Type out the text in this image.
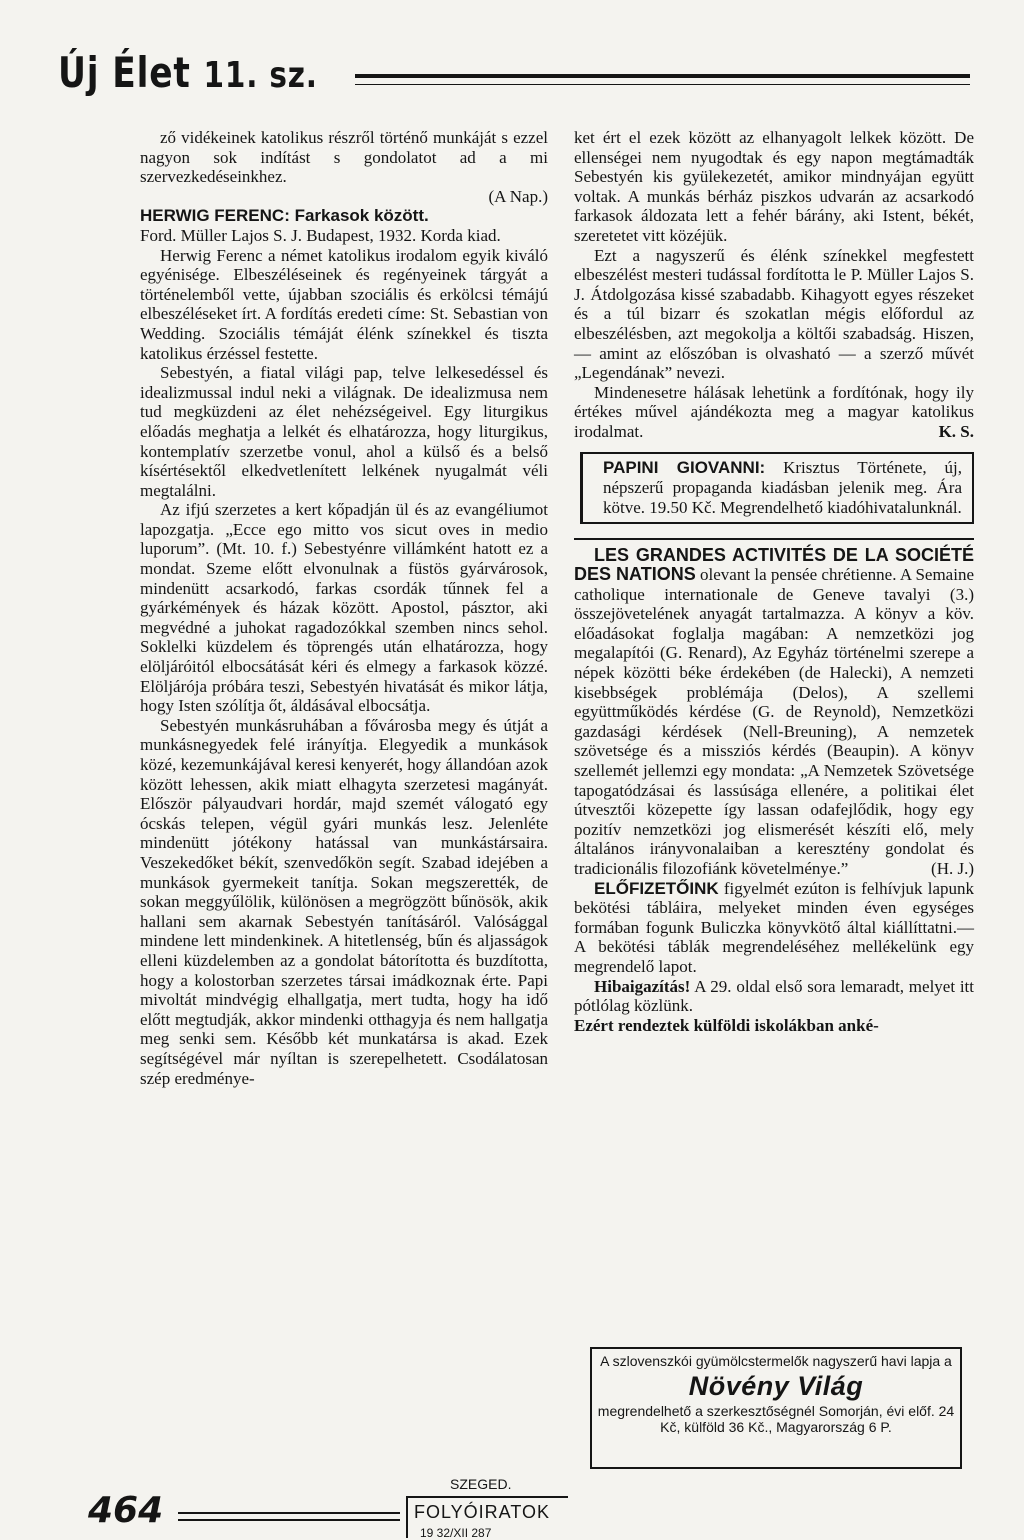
Új Élet 11. sz.

ző vidékeinek katolikus részről történő munkáját s ezzel nagyon sok indítást s gondolatot ad a mi szervezkedéseinkhez.

(A Nap.)

HERWIG FERENC: Farkasok között.

Ford. Müller Lajos S. J. Budapest, 1932. Korda kiad.

Herwig Ferenc a német katolikus irodalom egyik kiváló egyénisége. Elbeszéléseinek és regényeinek tárgyát a történelemből vette, újabban szociális és erkölcsi témájú elbeszéléseket írt. A fordítás eredeti címe: St. Sebastian von Wedding. Szociális témáját élénk színekkel és tiszta katolikus érzéssel festette.

Sebestyén, a fiatal világi pap, telve lelkesedéssel és idealizmussal indul neki a világnak. De idealizmusa nem tud megküzdeni az élet nehézségeivel. Egy liturgikus előadás meghatja a lelkét és elhatározza, hogy liturgikus, kontemplatív szerzetbe vonul, ahol a külső és a belső kísértésektől elkedvetlenített lelkének nyugalmát véli megtalálni.

Az ifjú szerzetes a kert kőpadján ül és az evangéliumot lapozgatja. „Ecce ego mitto vos sicut oves in medio luporum”. (Mt. 10. f.) Sebestyénre villámként hatott ez a mondat. Szeme előtt elvonulnak a füstös gyárvárosok, mindenütt acsarkodó, farkas csordák tűnnek fel a gyárkémények és házak között. Apostol, pásztor, aki megvédné a juhokat ragadozókkal szemben nincs sehol. Soklelki küzdelem és töprengés után elhatározza, hogy elöljáróitól elbocsátását kéri és elmegy a farkasok közzé. Elöljárója próbára teszi, Sebestyén hivatását és mikor látja, hogy Isten szólítja őt, áldásával elbocsátja.

Sebestyén munkásruhában a fővárosba megy és útját a munkásnegyedek felé irányítja. Elegyedik a munkások közé, kezemunkájával keresi kenyerét, hogy állandóan azok között lehessen, akik miatt elhagyta szerzetesi magányát. Először pályaudvari hordár, majd szemét válogató egy ócskás telepen, végül gyári munkás lesz. Jelenléte mindenütt jótékony hatással van munkástársaira. Veszekedőket békít, szenvedőkön segít. Szabad idejében a munkások gyermekeit tanítja. Sokan megszerették, de sokan meggyűlölik, különösen a megrögzött bűnösök, akik hallani sem akarnak Sebestyén tanításáról. Valósággal mindene lett mindenkinek. A hitetlenség, bűn és aljasságok elleni küzdelemben az a gondolat bátorította és buzdította, hogy a kolostorban szerzetes társai imádkoznak érte. Papi mivoltát mindvégig elhallgatja, mert tudta, hogy ha idő előtt megtudják, akkor mindenki otthagyja és nem hallgatja meg senki sem. Később két munkatársa is akad. Ezek segítségével már nyíltan is szerepelhetett. Csodálatosan szép eredménye-

ket ért el ezek között az elhanyagolt lelkek között. De ellenségei nem nyugodtak és egy napon megtámadták Sebestyén kis gyülekezetét, amikor mindnyájan együtt voltak. A munkás bérház piszkos udvarán az acsarkodó farkasok áldozata lett a fehér bárány, aki Istent, békét, szeretetet vitt közéjük.

Ezt a nagyszerű és élénk színekkel megfestett elbeszélést mesteri tudással fordította le P. Müller Lajos S. J. Átdolgozása kissé szabadabb. Kihagyott egyes részeket és a túl bizarr és szokatlan mégis előfordul az elbeszélésben, azt megokolja a költői szabadság. Hiszen, — amint az előszóban is olvasható — a szerző művét „Legendának” nevezi.

Mindenesetre hálásak lehetünk a fordítónak, hogy ily értékes művel ajándékozta meg a magyar katolikus irodalmat.	K. S.

PAPINI GIOVANNI: Krisztus Története, új, népszerű propaganda kiadásban jelenik meg. Ára kötve. 19.50 Kč. Megrendelhető kiadóhivatalunknál.

LES GRANDES ACTIVITÉS DE LA SOCIÉTÉ DES NATIONS olevant la pensée chrétienne. A Semaine catholique internationale de Geneve tavalyi (3.) összejövetelének anyagát tartalmazza. A könyv a köv. előadásokat foglalja magában: A nemzetközi jog megalapítói (G. Renard), Az Egyház történelmi szerepe a népek közötti béke érdekében (de Halecki), A nemzeti kisebbségek problémája (Delos), A szellemi együttműködés kérdése (G. de Reynold), Nemzetközi gazdasági kérdések (Nell-Breuning), A nemzetek szövetsége és a missziós kérdés (Beaupin). A könyv szellemét jellemzi egy mondata: „A Nemzetek Szövetsége tapogatódzásai és lassúsága ellenére, a politikai élet útvesztői közepette így lassan odafejlődik, hogy egy pozitív nemzetközi jog elismerését készíti elő, mely általános irányvonalaiban a keresztény gondolat és tradicionális filozofiánk követelménye.”	(H. J.)

ELŐFIZETŐINK figyelmét ezúton is felhívjuk lapunk bekötési tábláira, melyeket minden éven egységes formában fogunk Buliczka könyvkötő által kiállíttatni.— A bekötési táblák megrendeléséhez mellékelünk egy megrendelő lapot.

Hibaigazítás! A 29. oldal első sora lemaradt, melyet itt pótlólag közlünk.

Ezért rendeztek külföldi iskolákban anké-

A szlovenszkói gyümölcstermelők nagyszerű havi lapja a
Növény Világ
megrendelhető a szerkesztőségnél Somorján, évi előf. 24 Kč, külföld 36 Kč., Magyarország 6 P.
464
SZEGED.
FOLYÓIRATOK
19 32/XII 287
